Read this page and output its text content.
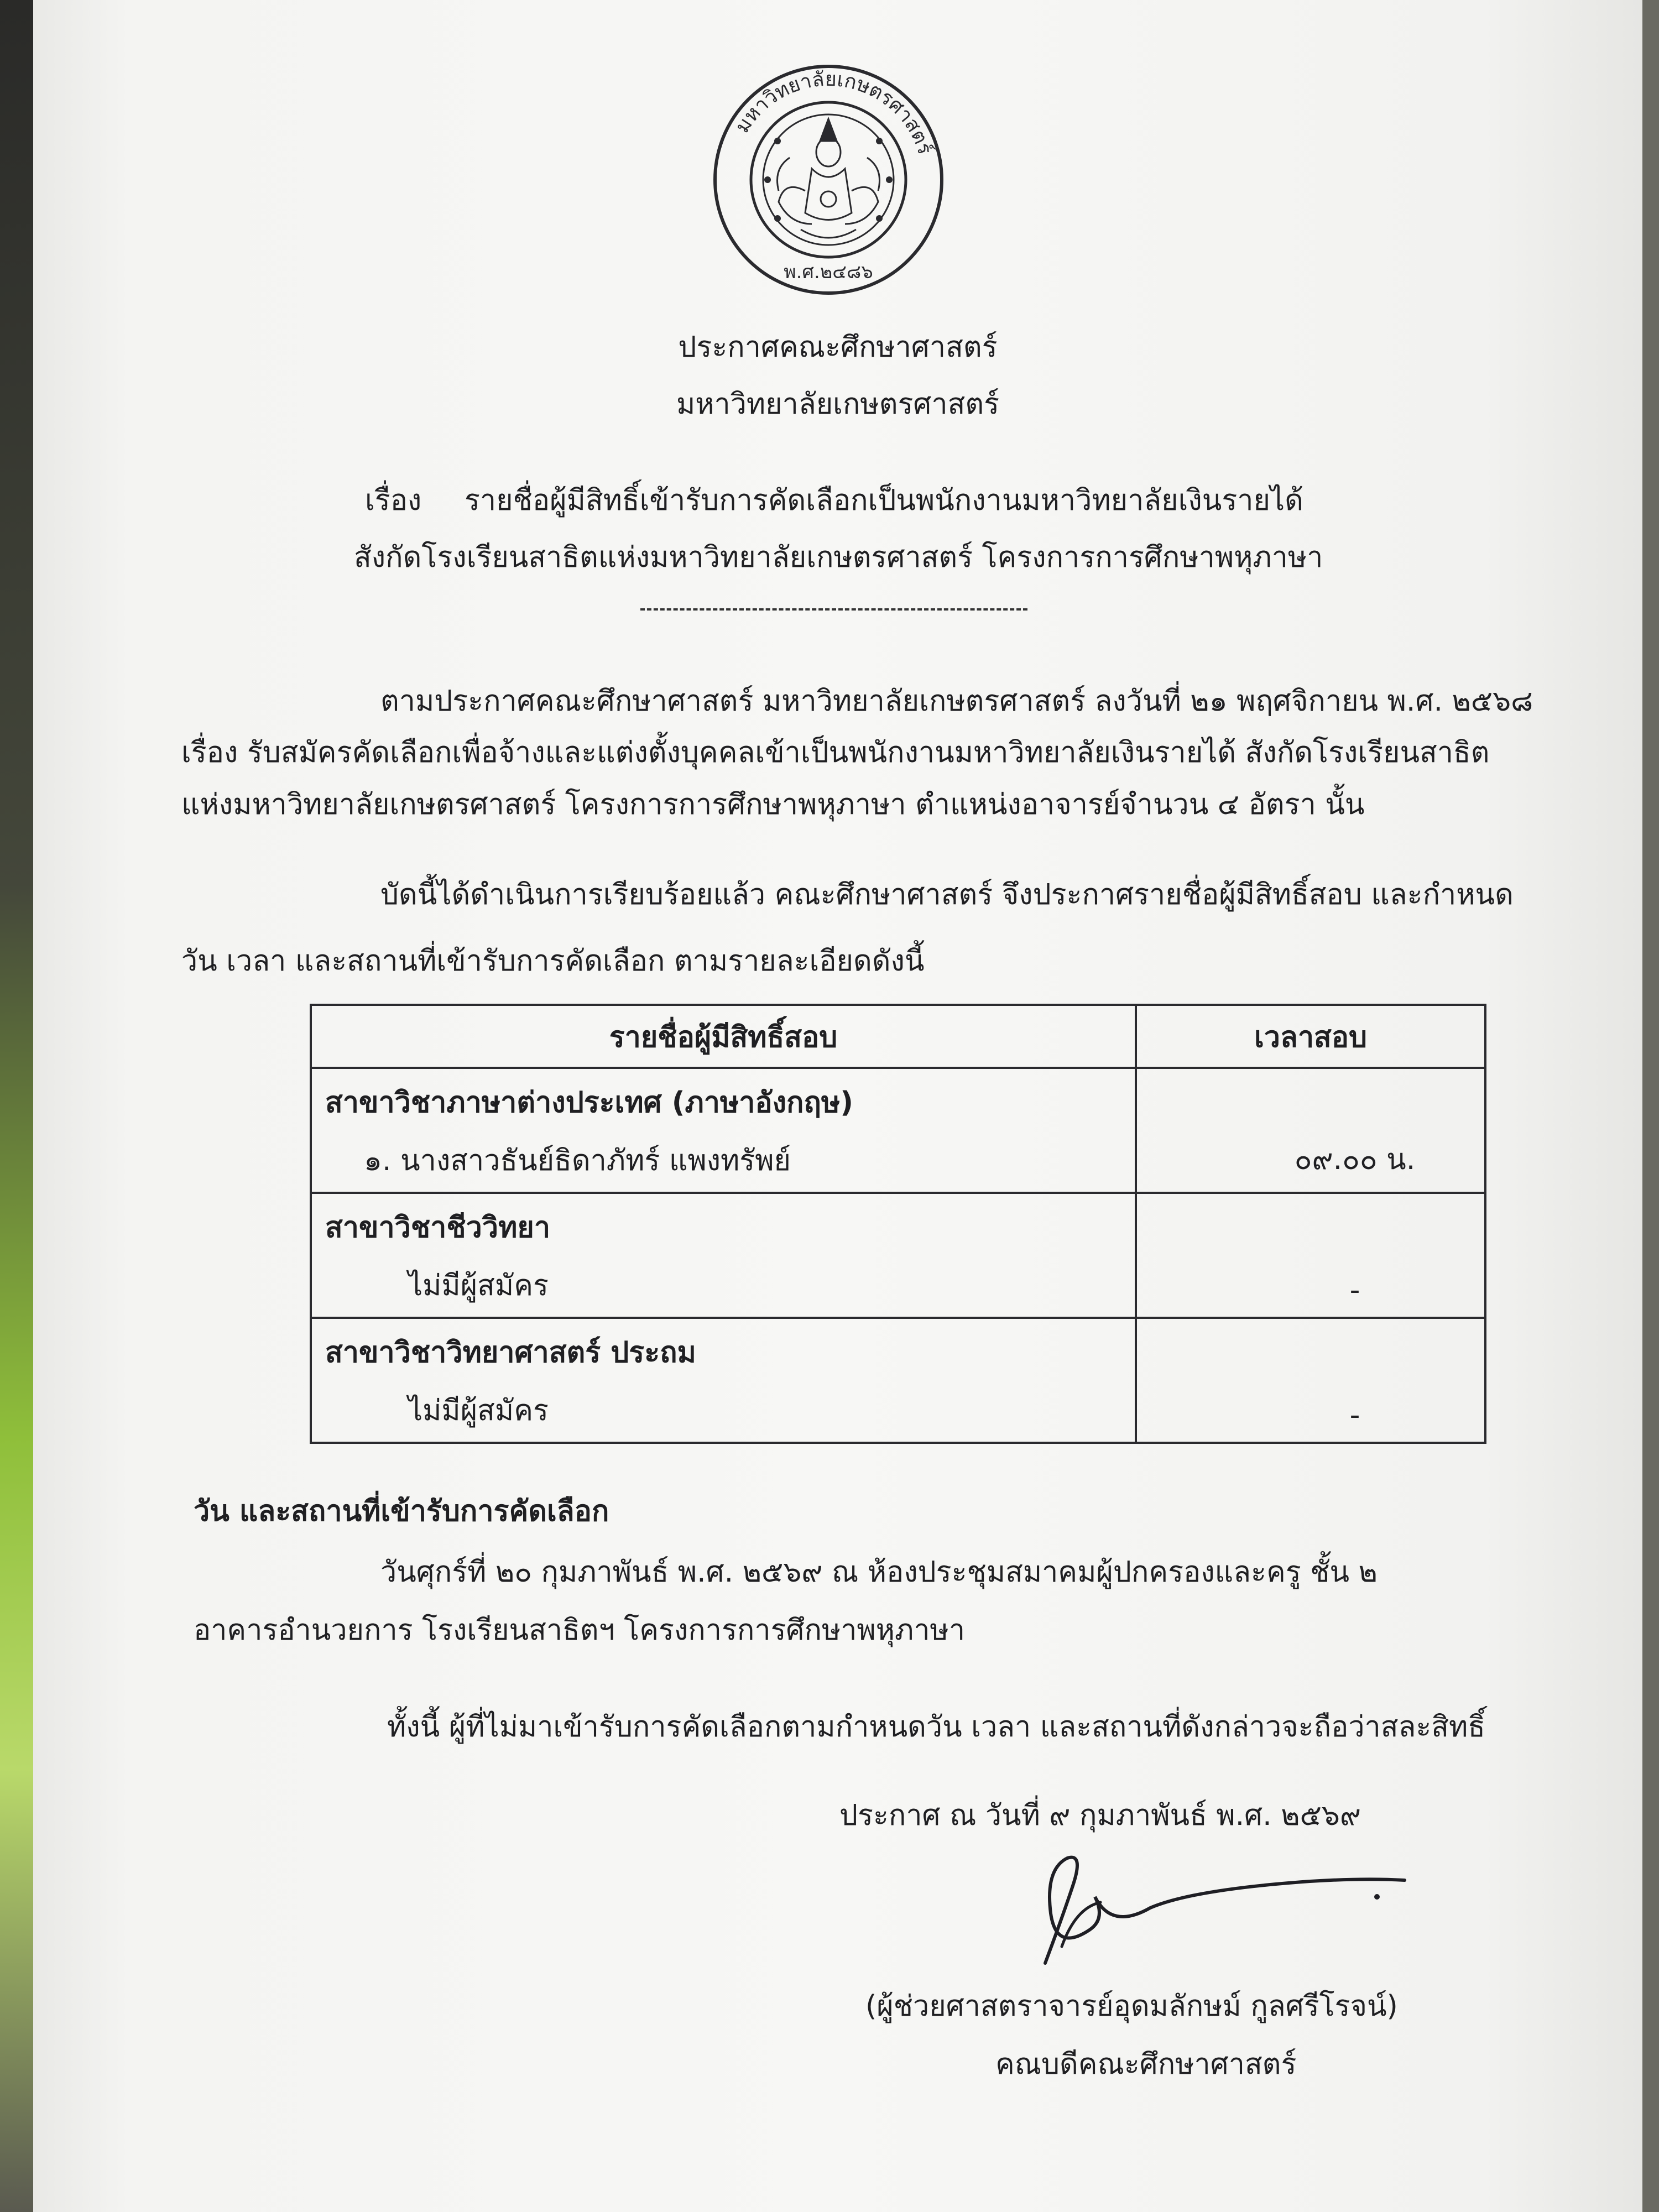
มหาวิทยาลัยเกษตรศาสตร์
พ.ศ.๒๔๘๖
ประกาศคณะศึกษาศาสตร์
มหาวิทยาลัยเกษตรศาสตร์
เรื่อง รายชื่อผู้มีสิทธิ์เข้ารับการคัดเลือกเป็นพนักงานมหาวิทยาลัยเงินรายได้
สังกัดโรงเรียนสาธิตแห่งมหาวิทยาลัยเกษตรศาสตร์ โครงการการศึกษาพหุภาษา
ตามประกาศคณะศึกษาศาสตร์ มหาวิทยาลัยเกษตรศาสตร์ ลงวันที่ ๒๑ พฤศจิกายน พ.ศ. ๒๕๖๘
เรื่อง รับสมัครคัดเลือกเพื่อจ้างและแต่งตั้งบุคคลเข้าเป็นพนักงานมหาวิทยาลัยเงินรายได้ สังกัดโรงเรียนสาธิต
แห่งมหาวิทยาลัยเกษตรศาสตร์ โครงการการศึกษาพหุภาษา ตำแหน่งอาจารย์จำนวน ๔ อัตรา นั้น
บัดนี้ได้ดำเนินการเรียบร้อยแล้ว คณะศึกษาศาสตร์ จึงประกาศรายชื่อผู้มีสิทธิ์สอบ และกำหนด
วัน เวลา และสถานที่เข้ารับการคัดเลือก ตามรายละเอียดดังนี้
รายชื่อผู้มีสิทธิ์สอบ	เวลาสอบ

สาขาวิชาภาษาต่างประเทศ (ภาษาอังกฤษ)
๑. นางสาวธันย์ธิดาภัทร์ แพงทรัพย์	๐๙.๐๐ น.

สาขาวิชาชีววิทยา
ไม่มีผู้สมัคร	-

สาขาวิชาวิทยาศาสตร์ ประถม
ไม่มีผู้สมัคร	-
วัน และสถานที่เข้ารับการคัดเลือก
วันศุกร์ที่ ๒๐ กุมภาพันธ์ พ.ศ. ๒๕๖๙ ณ ห้องประชุมสมาคมผู้ปกครองและครู ชั้น ๒
อาคารอำนวยการ โรงเรียนสาธิตฯ โครงการการศึกษาพหุภาษา
ทั้งนี้ ผู้ที่ไม่มาเข้ารับการคัดเลือกตามกำหนดวัน เวลา และสถานที่ดังกล่าวจะถือว่าสละสิทธิ์
ประกาศ ณ วันที่ ๙ กุมภาพันธ์ พ.ศ. ๒๕๖๙
(ผู้ช่วยศาสตราจารย์อุดมลักษม์ กูลศรีโรจน์)
คณบดีคณะศึกษาศาสตร์
